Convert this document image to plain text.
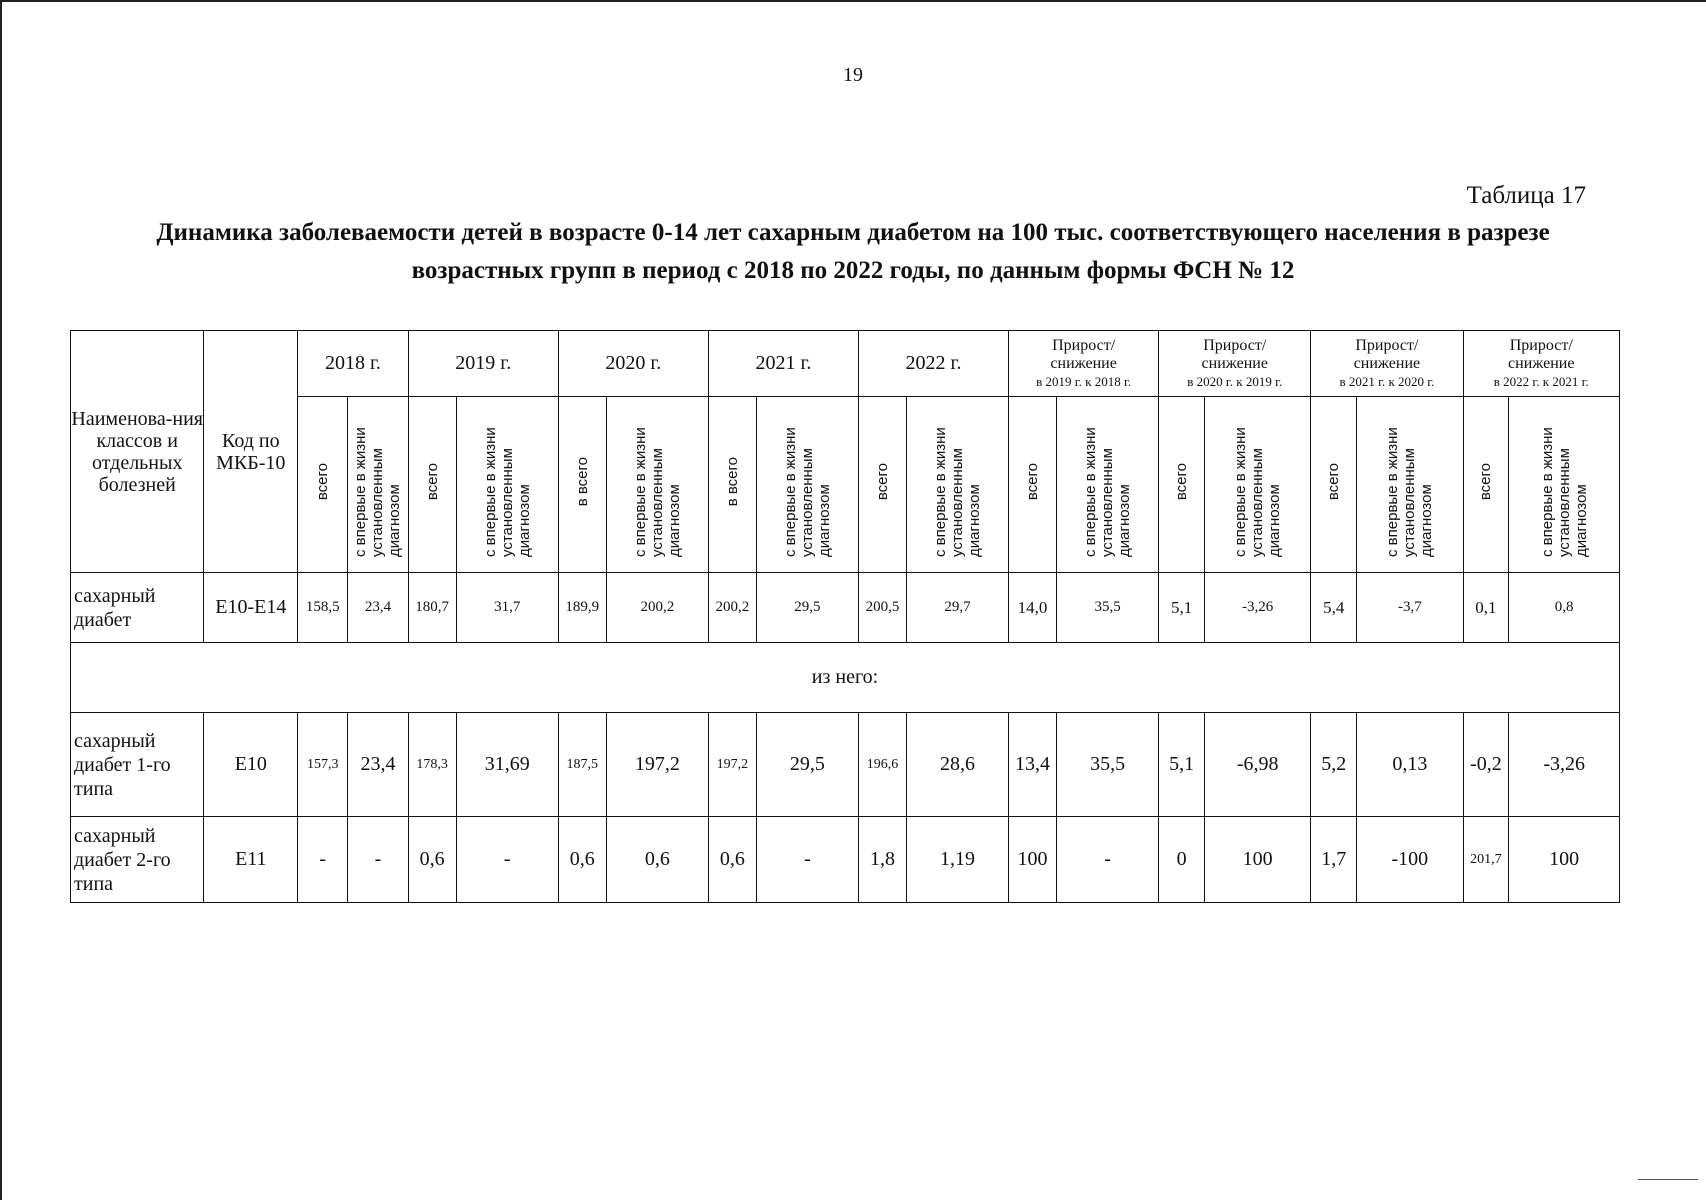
19
Таблица 17
Динамика заболеваемости детей в возрасте 0-14 лет сахарным диабетом на 100 тыс. соответствующего населения в разрезе возрастных групп в период с 2018 по 2022 годы, по данным формы ФСН № 12
Наименова-ния классов и отдельных болезней	Код по МКБ-10	2018 г.		2019 г.		2020 г.		2021 г.		2022 г.		Прирост/
снижение
в 2019 г. к 2018 г.		Прирост/
снижение
в 2020 г. к 2019 г.		Прирост/
снижение
в 2021 г. к 2020 г.		Прирост/
снижение
в 2022 г. к 2021 г.	
		всего	с впервые в жизни установленным диагнозом	всего	с впервые в жизни установленным диагнозом	в всего	с впервые в жизни установленным диагнозом	в всего	с впервые в жизни установленным диагнозом	всего	с впервые в жизни установленным диагнозом	всего	с впервые в жизни установленным диагнозом	всего	с впервые в жизни установленным диагнозом	всего	с впервые в жизни установленным диагнозом	всего	с впервые в жизни установленным диагнозом
сахарный диабет	E10-E14	158,5	23,4	180,7	31,7	189,9	200,2	200,2	29,5	200,5	29,7	14,0	35,5	5,1	-3,26	5,4	-3,7	0,1	0,8
из него:																			
сахарный диабет 1-го типа	E10	157,3	23,4	178,3	31,69	187,5	197,2	197,2	29,5	196,6	28,6	13,4	35,5	5,1	-6,98	5,2	0,13	-0,2	-3,26
сахарный диабет 2-го типа	E11	-	-	0,6	-	0,6	0,6	0,6	-	1,8	1,19	100	-	0	100	1,7	-100	201,7	100
